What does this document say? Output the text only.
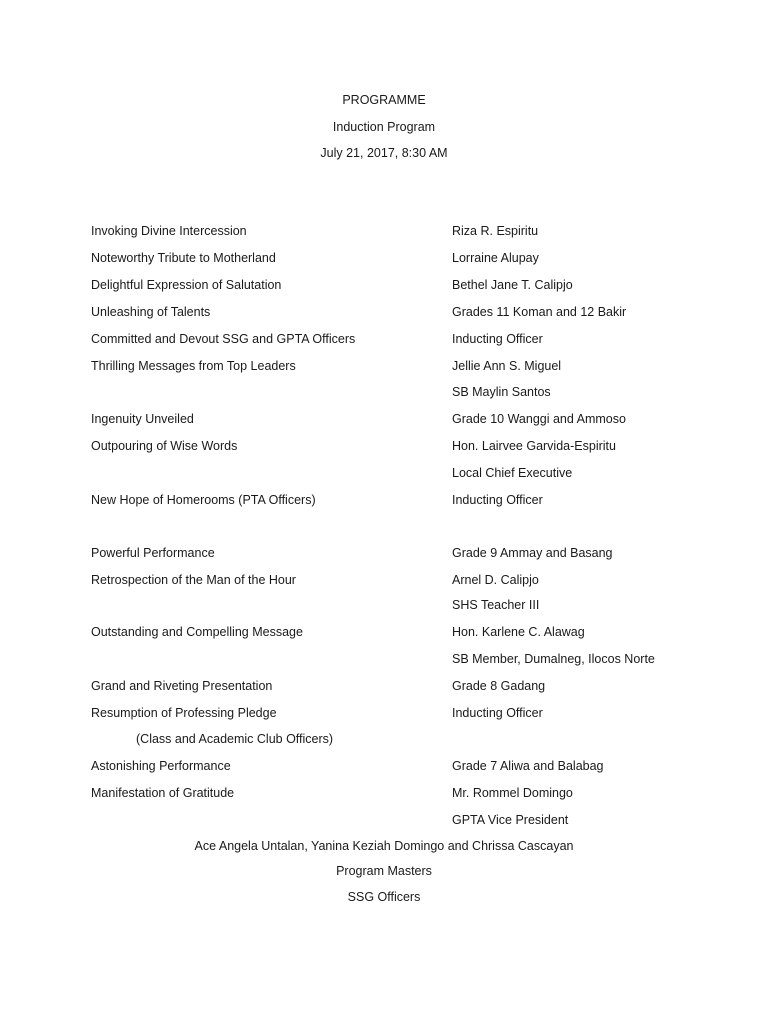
PROGRAMME
Induction Program
July 21, 2017, 8:30 AM
Invoking Divine Intercession	Riza R. Espiritu
Noteworthy Tribute to Motherland	Lorraine Alupay
Delightful Expression of Salutation	Bethel Jane T. Calipjo
Unleashing of Talents	Grades 11 Koman and 12 Bakir
Committed and Devout SSG and GPTA Officers	Inducting Officer
Thrilling Messages from Top Leaders	Jellie Ann S. Miguel
SB Maylin Santos
Ingenuity Unveiled	Grade 10 Wanggi and Ammoso
Outpouring of Wise Words	Hon. Lairvee Garvida-Espiritu
Local Chief Executive
New Hope of Homerooms (PTA Officers)	Inducting Officer
Powerful Performance	Grade 9 Ammay and Basang
Retrospection of the Man of the Hour	Arnel D. Calipjo
SHS Teacher III
Outstanding and Compelling Message	Hon. Karlene C. Alawag
SB Member, Dumalneg, Ilocos Norte
Grand and Riveting Presentation	Grade 8 Gadang
Resumption of Professing Pledge	Inducting Officer
(Class and Academic Club Officers)
Astonishing Performance	Grade 7 Aliwa and Balabag
Manifestation of Gratitude	Mr. Rommel Domingo
GPTA Vice President
Ace Angela Untalan, Yanina Keziah Domingo and Chrissa Cascayan
Program Masters
SSG Officers
